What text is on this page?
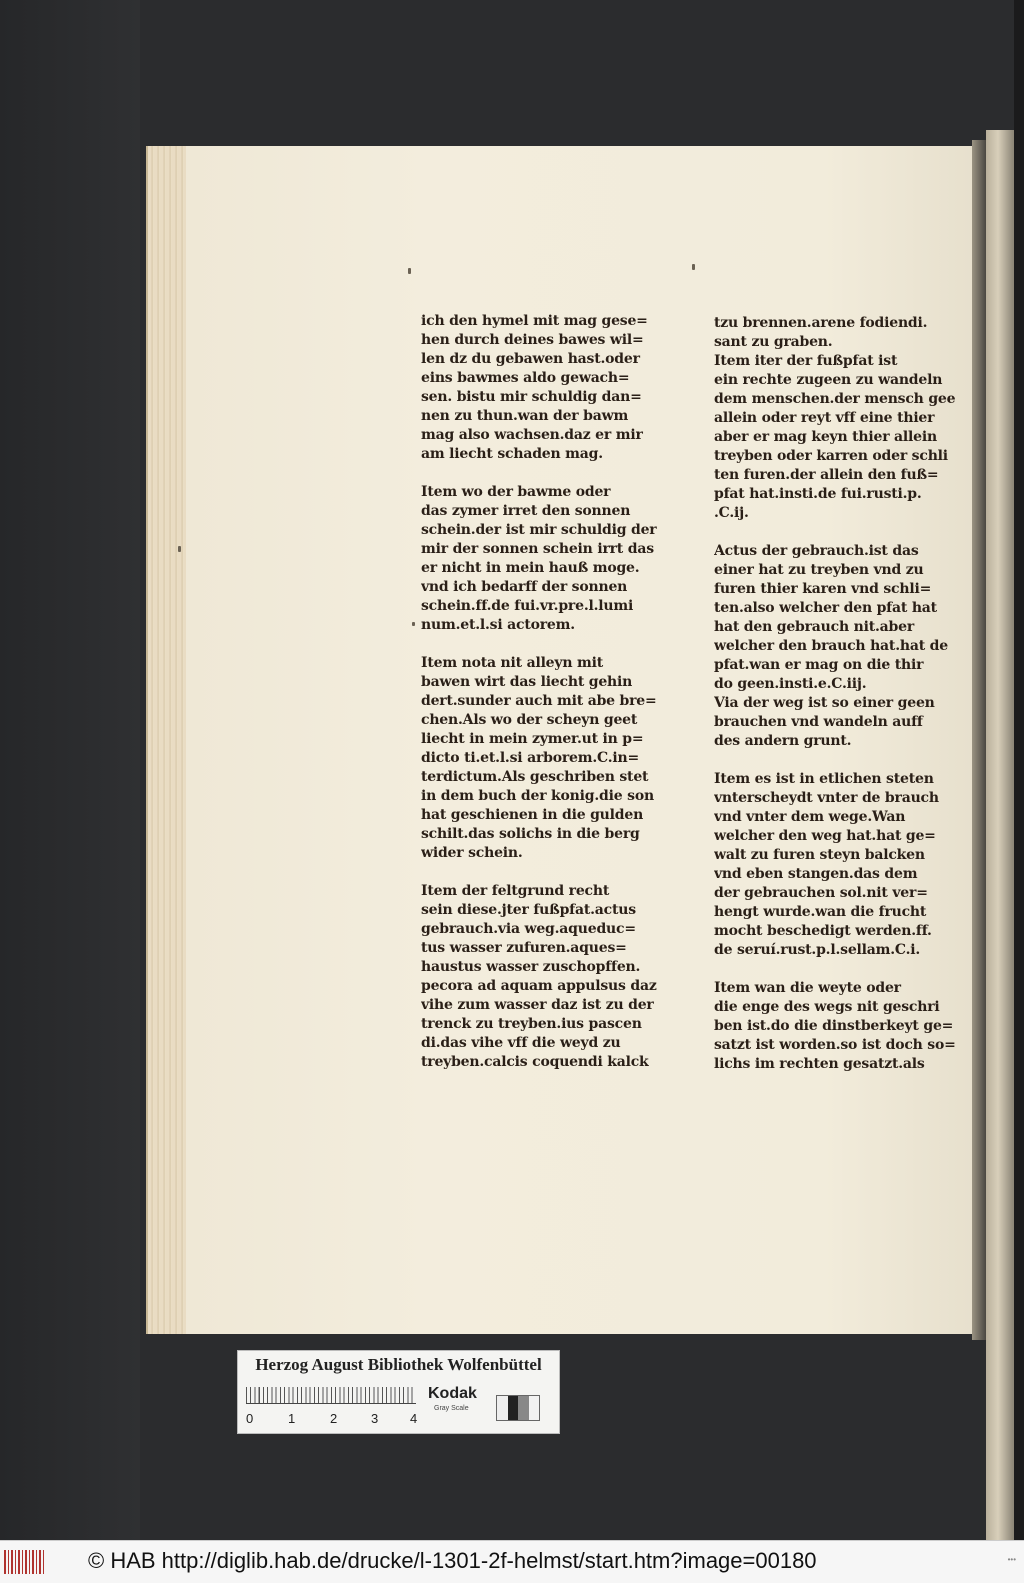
ich den hymel mit mag gese=
hen durch deines bawes wil=
len dz du gebawen hast.oder
eins bawmes aldo gewach=
sen. bistu mir schuldig dan=
nen zu thun.wan der bawm
mag also wachsen.daz er mir
am liecht schaden mag.
Item wo der bawme oder
das zymer irret den sonnen
schein.der ist mir schuldig der
mir der sonnen schein irrt das
er nicht in mein hauß moge.
vnd ich bedarff der sonnen
schein.ff.de fui.vr.pre.l.lumi
num.et.l.si actorem.
Item nota nit alleyn mit
bawen wirt das liecht gehin
dert.sunder auch mit abe bre=
chen.Als wo der scheyn geet
liecht in mein zymer.ut in p=
dicto ti.et.l.si arborem.C.in=
terdictum.Als geschriben stet
in dem buch der konig.die son
hat geschienen in die gulden
schilt.das solichs in die berg
wider schein.
Item der feltgrund recht
sein diese.jter fußpfat.actus
gebrauch.via weg.aqueduc=
tus wasser zufuren.aques=
haustus wasser zuschopffen.
pecora ad aquam appulsus daz
vihe zum wasser daz ist zu der
trenck zu treyben.ius pascen
di.das vihe vff die weyd zu
treyben.calcis coquendi kalck
tzu brennen.arene fodiendi.
sant zu graben.
Item iter der fußpfat ist
ein rechte zugeen zu wandeln
dem menschen.der mensch gee
allein oder reyt vff eine thier
aber er mag keyn thier allein
treyben oder karren oder schli
ten furen.der allein den fuß=
pfat hat.insti.de fui.rusti.p.
.C.ij.
Actus der gebrauch.ist das
einer hat zu treyben vnd zu
furen thier karen vnd schli=
ten.also welcher den pfat hat
hat den gebrauch nit.aber
welcher den brauch hat.hat de
pfat.wan er mag on die thir
do geen.insti.e.C.iij.
Via der weg ist so einer geen
brauchen vnd wandeln auff
des andern grunt.
Item es ist in etlichen steten
vnterscheydt vnter de brauch
vnd vnter dem wege.Wan
welcher den weg hat.hat ge=
walt zu furen steyn balcken
vnd eben stangen.das dem
der gebrauchen sol.nit ver=
hengt wurde.wan die frucht
mocht beschedigt werden.ff.
de seruí.rust.p.l.sellam.C.i.
Item wan die weyte oder
die enge des wegs nit geschri
ben ist.do die dinstberkeyt ge=
satzt ist worden.so ist doch so=
lichs im rechten gesatzt.als
Herzog August Bibliothek Wolfenbüttel
0	1	2	3 4
Kodak
Gray Scale
© HAB http://diglib.hab.de/drucke/l-1301-2f-helmst/start.htm?image=00180	•••
